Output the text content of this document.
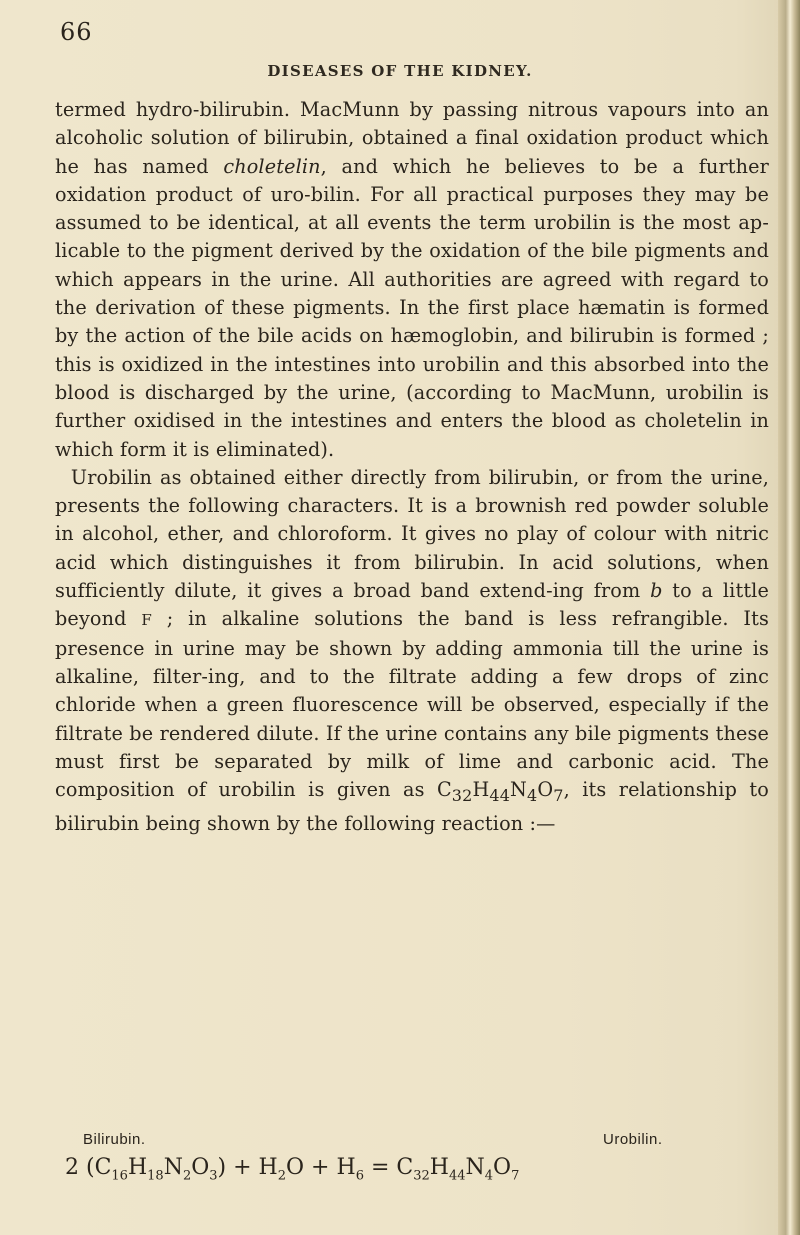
66
DISEASES OF THE KIDNEY.

termed hydro-bilirubin. MacMunn by passing nitrous vapours into an alcoholic solution of bilirubin, obtained a final oxidation product which he has named choletelin, and which he believes to be a further oxidation product of uro-bilin. For all practical purposes they may be assumed to be identical, at all events the term urobilin is the most ap-licable to the pigment derived by the oxidation of the bile pigments and which appears in the urine. All authorities are agreed with regard to the derivation of these pigments. In the first place hæmatin is formed by the action of the bile acids on hæmoglobin, and bilirubin is formed ; this is oxidized in the intestines into urobilin and this absorbed into the blood is discharged by the urine, (according to MacMunn, urobilin is further oxidised in the intestines and enters the blood as choletelin in which form it is eliminated).

Urobilin as obtained either directly from bilirubin, or from the urine, presents the following characters. It is a brownish red powder soluble in alcohol, ether, and chloroform. It gives no play of colour with nitric acid which distinguishes it from bilirubin. In acid solutions, when sufficiently dilute, it gives a broad band extend-ing from b to a little beyond F ; in alkaline solutions the band is less refrangible. Its presence in urine may be shown by adding ammonia till the urine is alkaline, filter-ing, and to the filtrate adding a few drops of zinc chloride when a green fluorescence will be observed, especially if the filtrate be rendered dilute. If the urine contains any bile pigments these must first be separated by milk of lime and carbonic acid. The composition of urobilin is given as $C_{32}H_{44}N_4O_7$, its relationship to bilirubin being shown by the following reaction :—

Bilirubin.	Urobilin.
2 $(C_{16}H_{18}N_2O_3) + H_2O + H_6 = C_{32}H_{44}N_4O_7$
